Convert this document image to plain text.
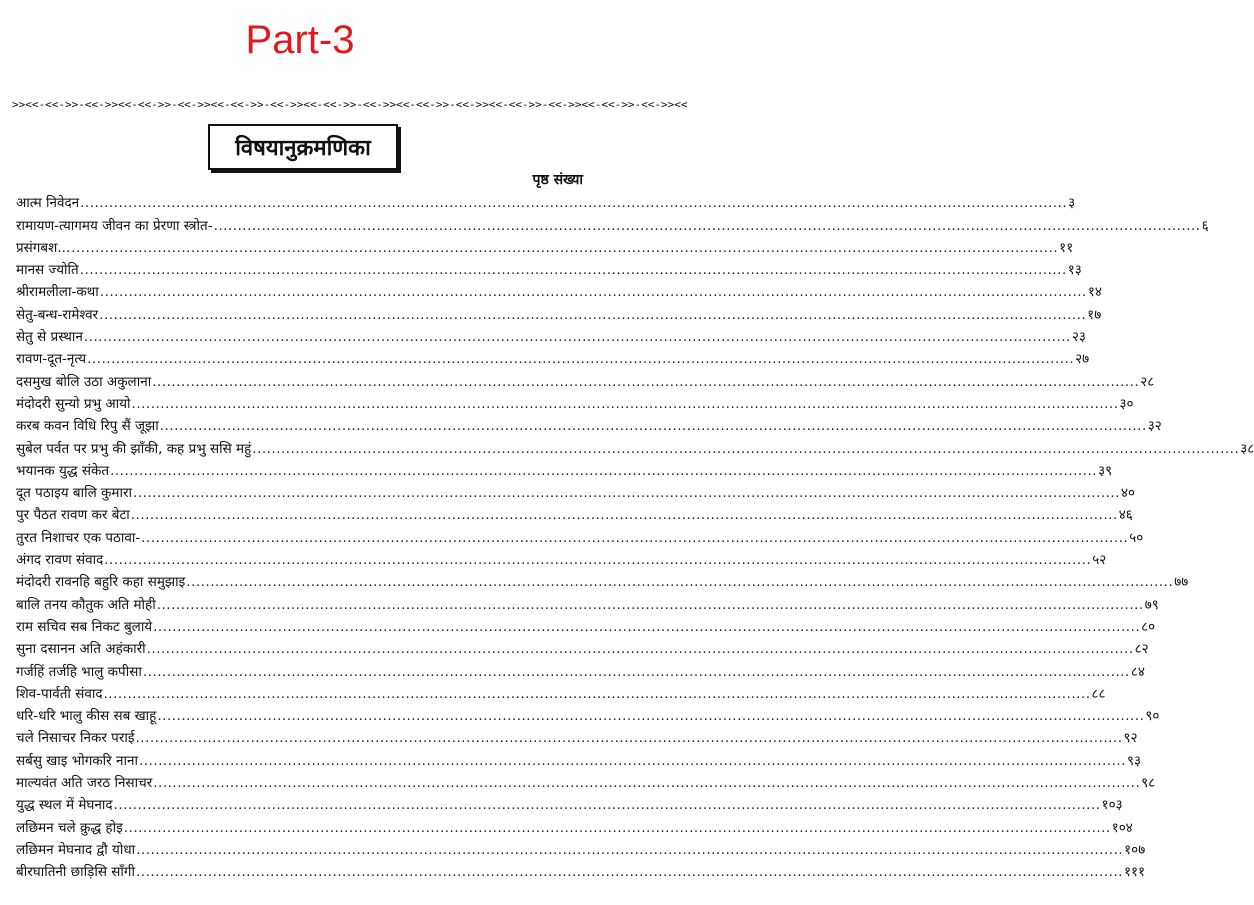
Part-3
>><<-<<->>-<<->><<-<<->>-<<->><<-<<->>-<<->><<-<<->>-<<->><<-<<->>-<<->><<-<<->>-<<->><<-<<->>-<<->><<
विषयानुक्रमणिका
पृष्ठ संख्या
आत्म निवेदन .............................................................................................................................................................................................................. ३
रामायण-त्यागमय जीवन का प्रेरणा स्त्रोत- .............................................................................................................................................................................................................. ६
प्रसंगबश... .............................................................................................................................................................................................................. ११
मानस ज्योति .............................................................................................................................................................................................................. १३
श्रीरामलीला-कथा .............................................................................................................................................................................................................. १४
सेतु-बन्ध-रामेश्वर .............................................................................................................................................................................................................. १७
सेतु से प्रस्थान .............................................................................................................................................................................................................. २३
रावण-दूत-नृत्य .............................................................................................................................................................................................................. २७
दसमुख बोलि उठा अकुलाना .............................................................................................................................................................................................................. २८
मंदोदरी सुन्यो प्रभु आयो .............................................................................................................................................................................................................. ३०
करब कवन विधि रिपु सैं जूझा .............................................................................................................................................................................................................. ३२
सुबेल पर्वत पर प्रभु की झाँकी, कह प्रभु ससि महुं .............................................................................................................................................................................................................. ३८
भयानक युद्ध संकेत .............................................................................................................................................................................................................. ३९
दूत पठाइय बालि कुमारा .............................................................................................................................................................................................................. ४०
पुर पैठत रावण कर बेटा .............................................................................................................................................................................................................. ४६
तुरत निशाचर एक पठावा- .............................................................................................................................................................................................................. ५०
अंगद रावण संवाद .............................................................................................................................................................................................................. ५२
मंदोदरी रावनहि बहुरि कहा समुझाइ .............................................................................................................................................................................................................. ७७
बालि तनय कौतुक अति मोही .............................................................................................................................................................................................................. ७९
राम सचिव सब निकट बुलाये .............................................................................................................................................................................................................. ८०
सुना दसानन अति अहंकारी .............................................................................................................................................................................................................. ८२
गर्जहिं तर्जहि भालु कपीसा .............................................................................................................................................................................................................. ८४
शिव-पार्वती संवाद .............................................................................................................................................................................................................. ८८
धरि-धरि भालु कीस सब खाहू .............................................................................................................................................................................................................. ९०
चले निसाचर निकर पराई .............................................................................................................................................................................................................. ९२
सर्बसु खाइ भोगकरि नाना .............................................................................................................................................................................................................. ९३
माल्यवंत अति जरठ निसाचर .............................................................................................................................................................................................................. ९८
युद्ध स्थल में मेघनाद .............................................................................................................................................................................................................. १०३
लछिमन चले क्रुद्ध होइ .............................................................................................................................................................................................................. १०४
लछिमन मेघनाद द्वौ योधा .............................................................................................................................................................................................................. १०७
बीरघातिनी छाड़िसि साँगी .............................................................................................................................................................................................................. १११
